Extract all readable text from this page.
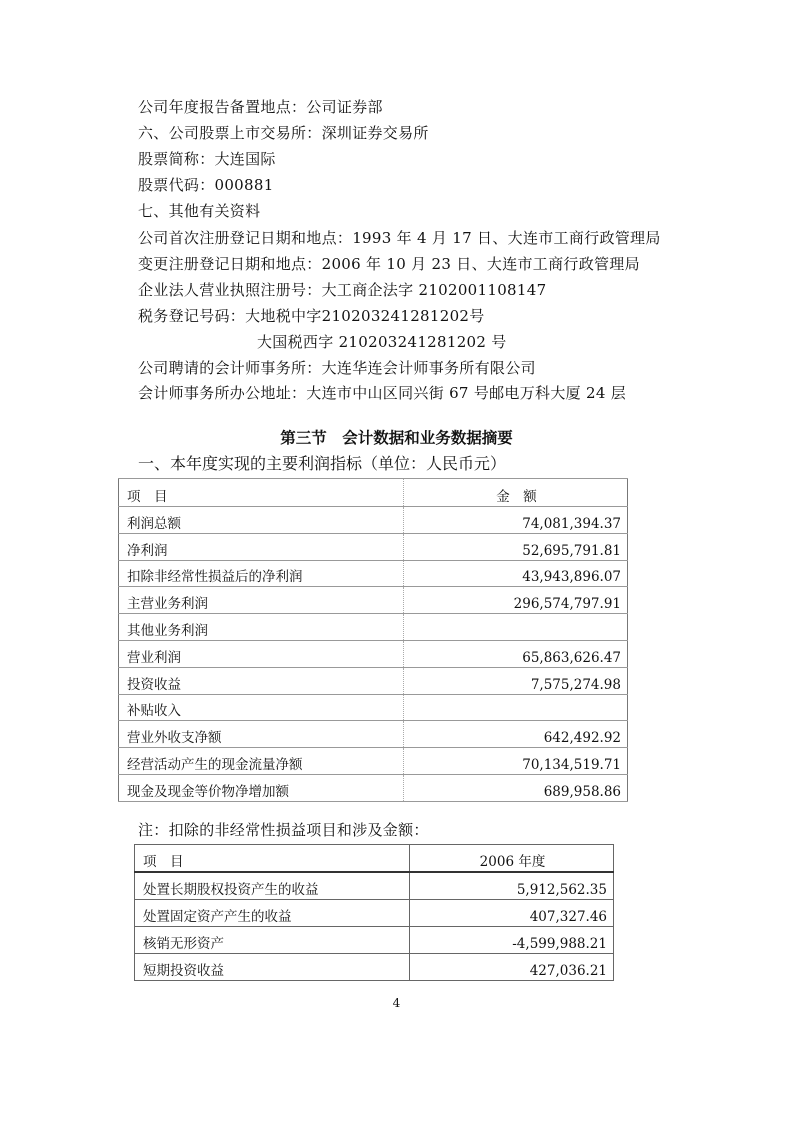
公司年度报告备置地点：公司证券部
六、公司股票上市交易所：深圳证券交易所
股票简称：大连国际
股票代码：000881
七、其他有关资料
公司首次注册登记日期和地点：1993 年 4 月 17 日、大连市工商行政管理局
变更注册登记日期和地点：2006 年 10 月 23 日、大连市工商行政管理局
企业法人营业执照注册号：大工商企法字 2102001108147
税务登记号码：大地税中字210203241281202号
大国税西字 210203241281202 号
公司聘请的会计师事务所：大连华连会计师事务所有限公司
会计师事务所办公地址：大连市中山区同兴街 67 号邮电万科大厦 24 层
第三节　会计数据和业务数据摘要
一、本年度实现的主要利润指标（单位：人民币元）
项　目	金　额
利润总额	74,081,394.37
净利润	52,695,791.81
扣除非经常性损益后的净利润	43,943,896.07
主营业务利润	296,574,797.91
其他业务利润	
营业利润	65,863,626.47
投资收益	7,575,274.98
补贴收入	
营业外收支净额	642,492.92
经营活动产生的现金流量净额	70,134,519.71
现金及现金等价物净增加额	689,958.86
注：扣除的非经常性损益项目和涉及金额：
项　目	2006 年度
处置长期股权投资产生的收益	5,912,562.35
处置固定资产产生的收益	407,327.46
核销无形资产	-4,599,988.21
短期投资收益	427,036.21
4
